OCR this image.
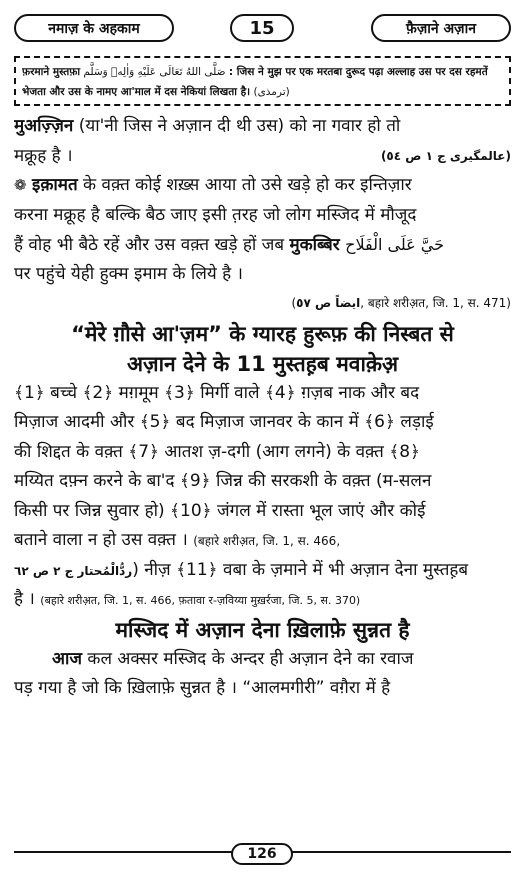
नमाज़ के अहकाम	15	फ़ैज़ाने अज़ान
फ़रमाने मुस्तफ़ा صَلَّى اللهُ تَعَالَى عَلَيْهِ وَاٰلِهٖ وَسَلَّم : जिस ने मुझ पर एक मरतबा दुरूद पढ़ा अल्लाह उस पर दस रहमतें
भेजता और उस के नामए आ'माल में दस नेकियां लिखता है। (ترمذی)
मुअज़्ज़िन (या'नी जिस ने अज़ान दी थी उस) को ना गवार हो तो
मक्रूह है ।	(عالمگیری ج ١ ص ٥٤)
❁ इक़ामत के वक़्त कोई शख़्स आया तो उसे खड़े हो कर इन्तिज़ार
करना मक्रूह है बल्कि बैठ जाए इसी त़रह जो लोग मस्जिद में मौजूद
हैं वोह भी बैठे रहें और उस वक़्त खड़े हों जब मुकब्बिर حَيَّ عَلَى الْفَلَاح
पर पहुंचे येही हुक्म इमाम के लिये है ।
(ایضاً ص ٥٧, बहारे शरीअ़त, जि. 1, स. 471)
“मेरे ग़ौसे आ'ज़म” के ग्यारह हुरूफ़ की निस्बत से
अज़ान देने के 11 मुस्तह़ब मवाक़ेअ़
﴾1﴿ बच्चे ﴾2﴿ मग़मूम ﴾3﴿ मिर्गी वाले ﴾4﴿ ग़ज़ब नाक और बद
मिज़ाज आदमी और ﴾5﴿ बद मिज़ाज जानवर के कान में ﴾6﴿ लड़ाई
की शिद्दत के वक़्त ﴾7﴿ आतश ज़-दगी (आग लगने) के वक़्त ﴾8﴿
मय्यित दफ़्न करने के बा'द ﴾9﴿ जिन्न की सरकशी के वक़्त (म-सलन
किसी पर जिन्न सुवार हो) ﴾10﴿ जंगल में रास्ता भूल जाएं और कोई
बताने वाला न हो उस वक़्त । (बहारे शरीअ़त, जि. 1, स. 466,
ردُّالْمُحتار ج ٢ ص ٦٢) नीज़ ﴾11﴿ वबा के ज़माने में भी अज़ान देना मुस्तह़ब
है । (बहारे शरीअ़त, जि. 1, स. 466, फ़तावा र-ज़विय्या मुख़र्रजा, जि. 5, स. 370)
मस्जिद में अज़ान देना ख़िलाफ़े सुन्नत है
आज कल अक्सर मस्जिद के अन्दर ही अज़ान देने का रवाज
पड़ गया है जो कि ख़िलाफ़े सुन्नत है । “आलमगीरी” वग़ैरा में है
126
